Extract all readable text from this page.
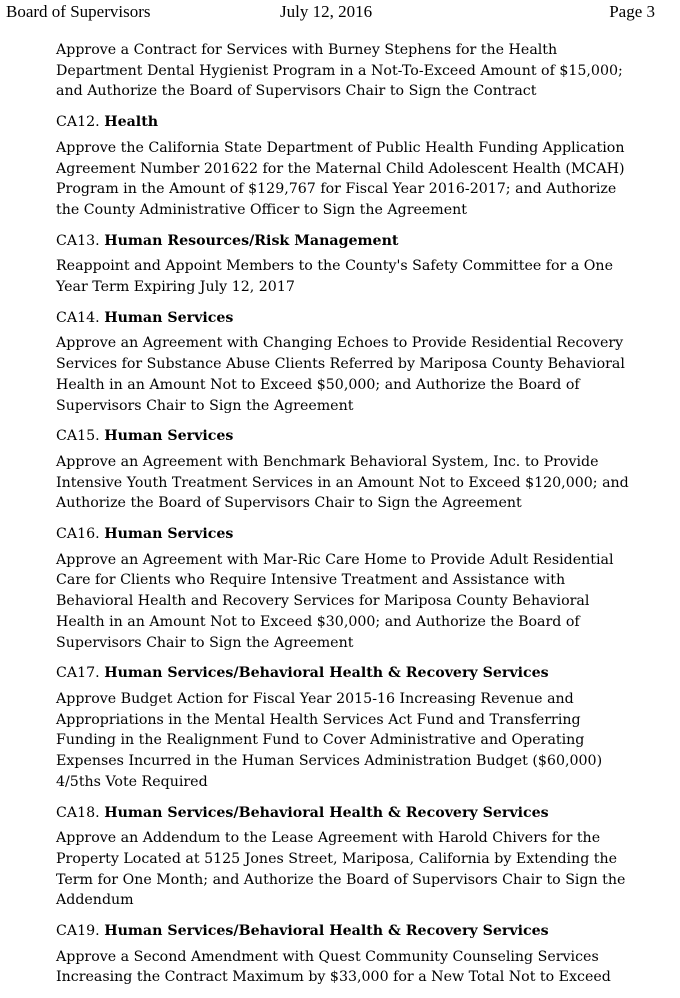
Board of Supervisors	July 12, 2016	Page 3

Approve a Contract for Services with Burney Stephens for the Health
Department Dental Hygienist Program in a Not-To-Exceed Amount of $15,000;
and Authorize the Board of Supervisors Chair to Sign the Contract

CA12. Health

Approve the California State Department of Public Health Funding Application
Agreement Number 201622 for the Maternal Child Adolescent Health (MCAH)
Program in the Amount of $129,767 for Fiscal Year 2016-2017; and Authorize
the County Administrative Officer to Sign the Agreement

CA13. Human Resources/Risk Management

Reappoint and Appoint Members to the County's Safety Committee for a One
Year Term Expiring July 12, 2017

CA14. Human Services

Approve an Agreement with Changing Echoes to Provide Residential Recovery
Services for Substance Abuse Clients Referred by Mariposa County Behavioral
Health in an Amount Not to Exceed $50,000; and Authorize the Board of
Supervisors Chair to Sign the Agreement

CA15. Human Services

Approve an Agreement with Benchmark Behavioral System, Inc. to Provide
Intensive Youth Treatment Services in an Amount Not to Exceed $120,000; and
Authorize the Board of Supervisors Chair to Sign the Agreement

CA16. Human Services

Approve an Agreement with Mar-Ric Care Home to Provide Adult Residential
Care for Clients who Require Intensive Treatment and Assistance with
Behavioral Health and Recovery Services for Mariposa County Behavioral
Health in an Amount Not to Exceed $30,000; and Authorize the Board of
Supervisors Chair to Sign the Agreement

CA17. Human Services/Behavioral Health & Recovery Services

Approve Budget Action for Fiscal Year 2015-16 Increasing Revenue and
Appropriations in the Mental Health Services Act Fund and Transferring
Funding in the Realignment Fund to Cover Administrative and Operating
Expenses Incurred in the Human Services Administration Budget ($60,000)
4/5ths Vote Required

CA18. Human Services/Behavioral Health & Recovery Services

Approve an Addendum to the Lease Agreement with Harold Chivers for the
Property Located at 5125 Jones Street, Mariposa, California by Extending the
Term for One Month; and Authorize the Board of Supervisors Chair to Sign the
Addendum

CA19. Human Services/Behavioral Health & Recovery Services

Approve a Second Amendment with Quest Community Counseling Services
Increasing the Contract Maximum by $33,000 for a New Total Not to Exceed
